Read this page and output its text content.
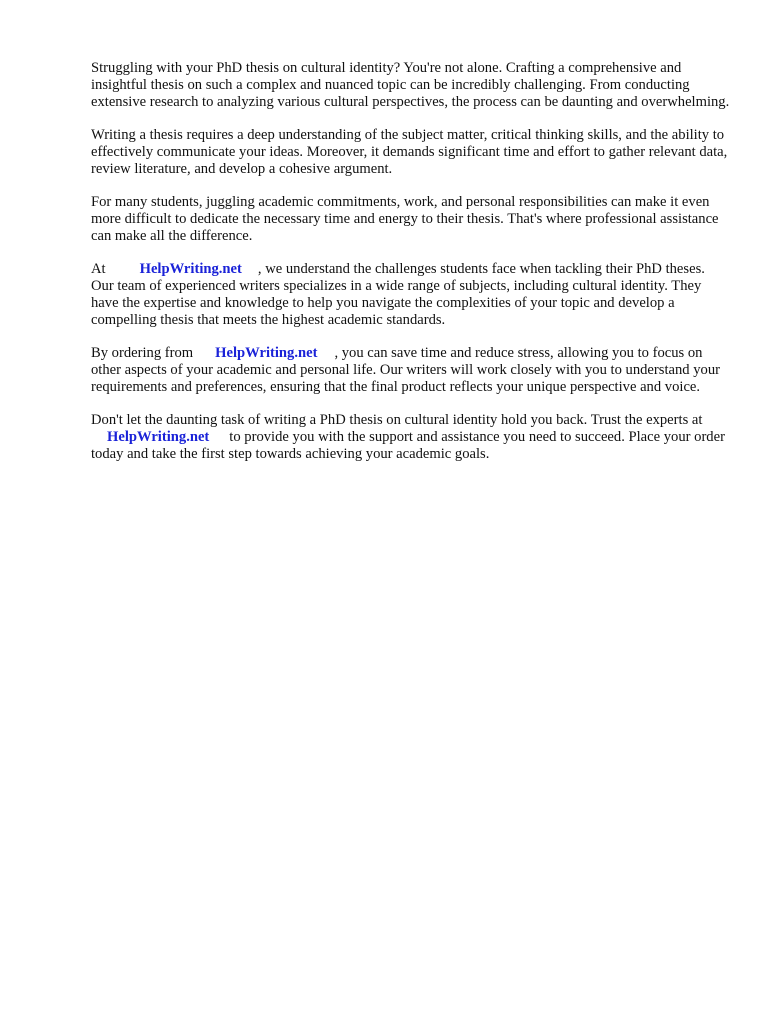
Struggling with your PhD thesis on cultural identity? You're not alone. Crafting a comprehensive and insightful thesis on such a complex and nuanced topic can be incredibly challenging. From conducting extensive research to analyzing various cultural perspectives, the process can be daunting and overwhelming.

Writing a thesis requires a deep understanding of the subject matter, critical thinking skills, and the ability to effectively communicate your ideas. Moreover, it demands significant time and effort to gather relevant data, review literature, and develop a cohesive argument.

For many students, juggling academic commitments, work, and personal responsibilities can make it even more difficult to dedicate the necessary time and energy to their thesis. That's where professional assistance can make all the difference.

At HelpWriting.net , we understand the challenges students face when tackling their PhD theses. Our team of experienced writers specializes in a wide range of subjects, including cultural identity. They have the expertise and knowledge to help you navigate the complexities of your topic and develop a compelling thesis that meets the highest academic standards.

By ordering from HelpWriting.net , you can save time and reduce stress, allowing you to focus on other aspects of your academic and personal life. Our writers will work closely with you to understand your requirements and preferences, ensuring that the final product reflects your unique perspective and voice.

Don't let the daunting task of writing a PhD thesis on cultural identity hold you back. Trust the experts atHelpWriting.net to provide you with the support and assistance you need to succeed. Place your order today and take the first step towards achieving your academic goals.
